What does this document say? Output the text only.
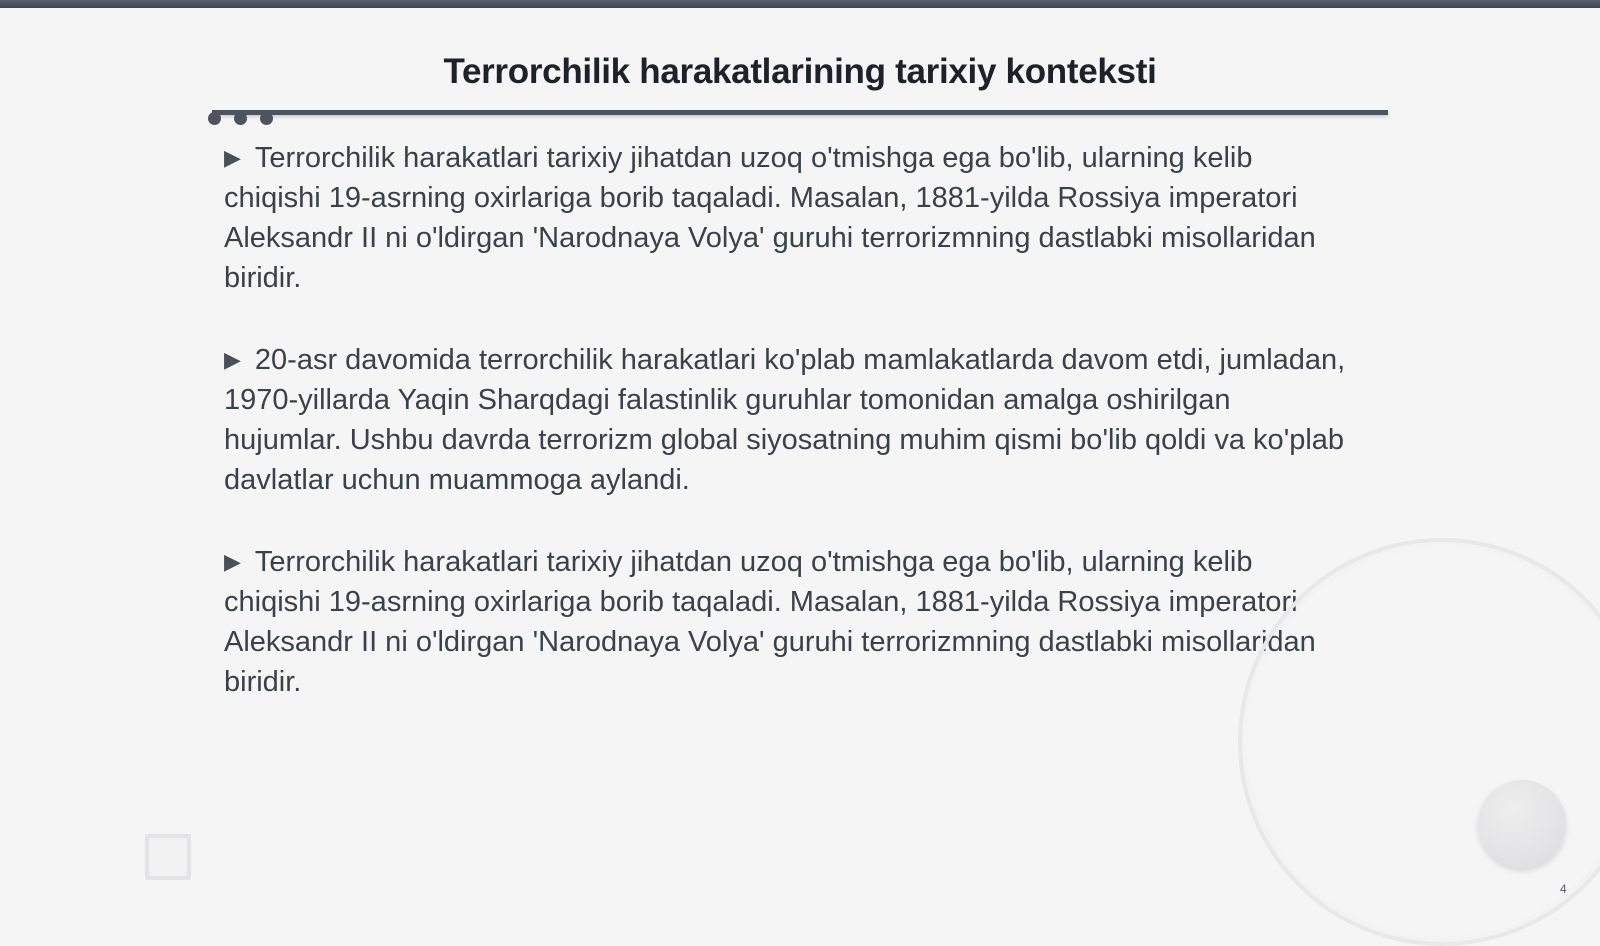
Terrorchilik harakatlarining tarixiy konteksti

▶ Terrorchilik harakatlari tarixiy jihatdan uzoq o'tmishga ega bo'lib, ularning kelib chiqishi 19-asrning oxirlariga borib taqaladi. Masalan, 1881-yilda Rossiya imperatori Aleksandr II ni o'ldirgan 'Narodnaya Volya' guruhi terrorizmning dastlabki misollaridan biridir.

▶ 20-asr davomida terrorchilik harakatlari ko'plab mamlakatlarda davom etdi, jumladan, 1970-yillarda Yaqin Sharqdagi falastinlik guruhlar tomonidan amalga oshirilgan hujumlar. Ushbu davrda terrorizm global siyosatning muhim qismi bo'lib qoldi va ko'plab davlatlar uchun muammoga aylandi.

▶ Terrorchilik harakatlari tarixiy jihatdan uzoq o'tmishga ega bo'lib, ularning kelib chiqishi 19-asrning oxirlariga borib taqaladi. Masalan, 1881-yilda Rossiya imperatori Aleksandr II ni o'ldirgan 'Narodnaya Volya' guruhi terrorizmning dastlabki misollaridan biridir.

4
